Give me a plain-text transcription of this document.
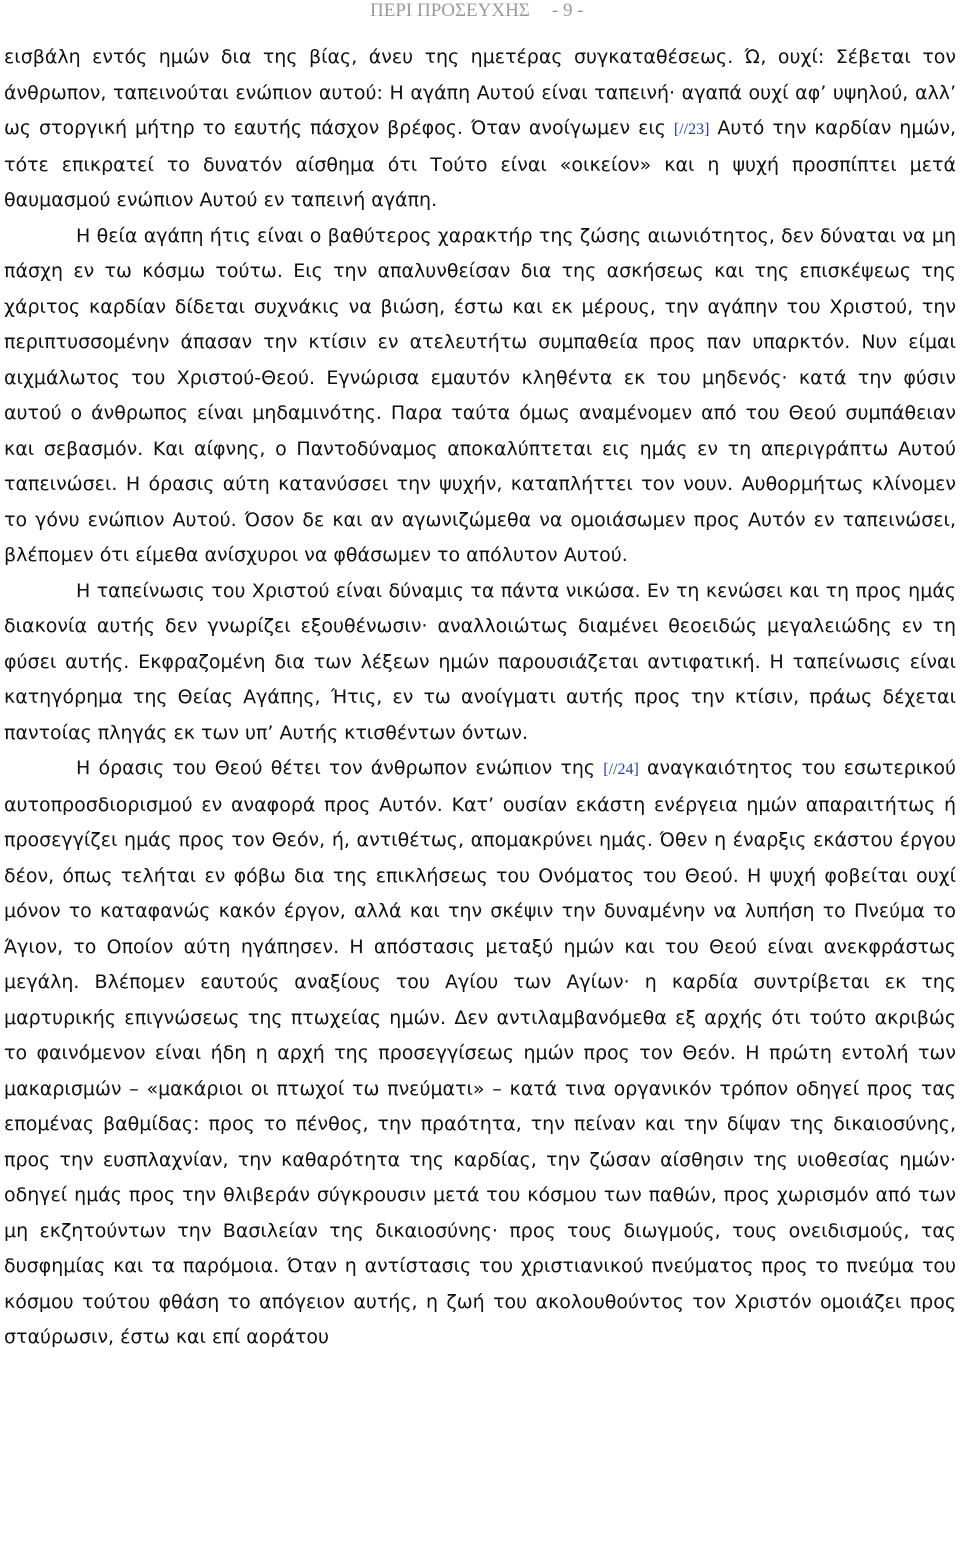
ΠΕΡΙ ΠΡΟΣΕΥΧΗΣ - 9 -

εισβάλη εντός ημών δια της βίας, άνευ της ημετέρας συγκαταθέσεως. Ώ, ουχί: Σέβεται τον άνθρωπον, ταπεινούται ενώπιον αυτού: Η αγάπη Αυτού είναι ταπεινή· αγαπά ουχί αφ’ υψηλού, αλλ’ ως στοργική μήτηρ το εαυτής πάσχον βρέφος. Όταν ανοίγωμεν εις [//23] Αυτό την καρδίαν ημών, τότε επικρατεί το δυνατόν αίσθημα ότι Τούτο είναι «οικείον» και η ψυχή προσπίπτει μετά θαυμασμού ενώπιον Αυτού εν ταπεινή αγάπη.

Η θεία αγάπη ήτις είναι ο βαθύτερος χαρακτήρ της ζώσης αιωνιότητος, δεν δύναται να μη πάσχη εν τω κόσμω τούτω. Εις την απαλυνθείσαν δια της ασκήσεως και της επισκέψεως της χάριτος καρδίαν δίδεται συχνάκις να βιώση, έστω και εκ μέρους, την αγάπην του Χριστού, την περιπτυσσομένην άπασαν την κτίσιν εν ατελευτήτω συμπαθεία προς παν υπαρκτόν. Νυν είμαι αιχμάλωτος του Χριστού-Θεού. Εγνώρισα εμαυτόν κληθέντα εκ του μηδενός· κατά την φύσιν αυτού ο άνθρωπος είναι μηδαμινότης. Παρα ταύτα όμως αναμένομεν από του Θεού συμπάθειαν και σεβασμόν. Και αίφνης, ο Παντοδύναμος αποκαλύπτεται εις ημάς εν τη απεριγράπτω Αυτού ταπεινώσει. Η όρασις αύτη κατανύσσει την ψυχήν, καταπλήττει τον νουν. Αυθορμήτως κλίνομεν το γόνυ ενώπιον Αυτού. Όσον δε και αν αγωνιζώμεθα να ομοιάσωμεν προς Αυτόν εν ταπεινώσει, βλέπομεν ότι είμεθα ανίσχυροι να φθάσωμεν το απόλυτον Αυτού.

Η ταπείνωσις του Χριστού είναι δύναμις τα πάντα νικώσα. Εν τη κενώσει και τη προς ημάς διακονία αυτής δεν γνωρίζει εξουθένωσιν· αναλλοιώτως διαμένει θεοειδώς μεγαλειώδης εν τη φύσει αυτής. Εκφραζομένη δια των λέξεων ημών παρουσιάζεται αντιφατική. Η ταπείνωσις είναι κατηγόρημα της Θείας Αγάπης, Ήτις, εν τω ανοίγματι αυτής προς την κτίσιν, πράως δέχεται παντοίας πληγάς εκ των υπ’ Αυτής κτισθέντων όντων.

Η όρασις του Θεού θέτει τον άνθρωπον ενώπιον της [//24] αναγκαιότητος του εσωτερικού αυτοπροσδιορισμού εν αναφορά προς Αυτόν. Κατ’ ουσίαν εκάστη ενέργεια ημών απαραιτήτως ή προσεγγίζει ημάς προς τον Θεόν, ή, αντιθέτως, απομακρύνει ημάς. Όθεν η έναρξις εκάστου έργου δέον, όπως τελήται εν φόβω δια της επικλήσεως του Ονόματος του Θεού. Η ψυχή φοβείται ουχί μόνον το καταφανώς κακόν έργον, αλλά και την σκέψιν την δυναμένην να λυπήση το Πνεύμα το Άγιον, το Οποίον αύτη ηγάπησεν. Η απόστασις μεταξύ ημών και του Θεού είναι ανεκφράστως μεγάλη. Βλέπομεν εαυτούς αναξίους του Αγίου των Αγίων· η καρδία συντρίβεται εκ της μαρτυρικής επιγνώσεως της πτωχείας ημών. Δεν αντιλαμβανόμεθα εξ αρχής ότι τούτο ακριβώς το φαινόμενον είναι ήδη η αρχή της προσεγγίσεως ημών προς τον Θεόν. Η πρώτη εντολή των μακαρισμών – «μακάριοι οι πτωχοί τω πνεύματι» – κατά τινα οργανικόν τρόπον οδηγεί προς τας επομένας βαθμίδας: προς το πένθος, την πραότητα, την πείναν και την δίψαν της δικαιοσύνης, προς την ευσπλαχνίαν, την καθαρότητα της καρδίας, την ζώσαν αίσθησιν της υιοθεσίας ημών· οδηγεί ημάς προς την θλιβεράν σύγκρουσιν μετά του κόσμου των παθών, προς χωρισμόν από των μη εκζητούντων την Βασιλείαν της δικαιοσύνης· προς τους διωγμούς, τους ονειδισμούς, τας δυσφημίας και τα παρόμοια. Όταν η αντίστασις του χριστιανικού πνεύματος προς το πνεύμα του κόσμου τούτου φθάση το απόγειον αυτής, η ζωή του ακολουθούντος τον Χριστόν ομοιάζει προς σταύρωσιν, έστω και επί αοράτου
